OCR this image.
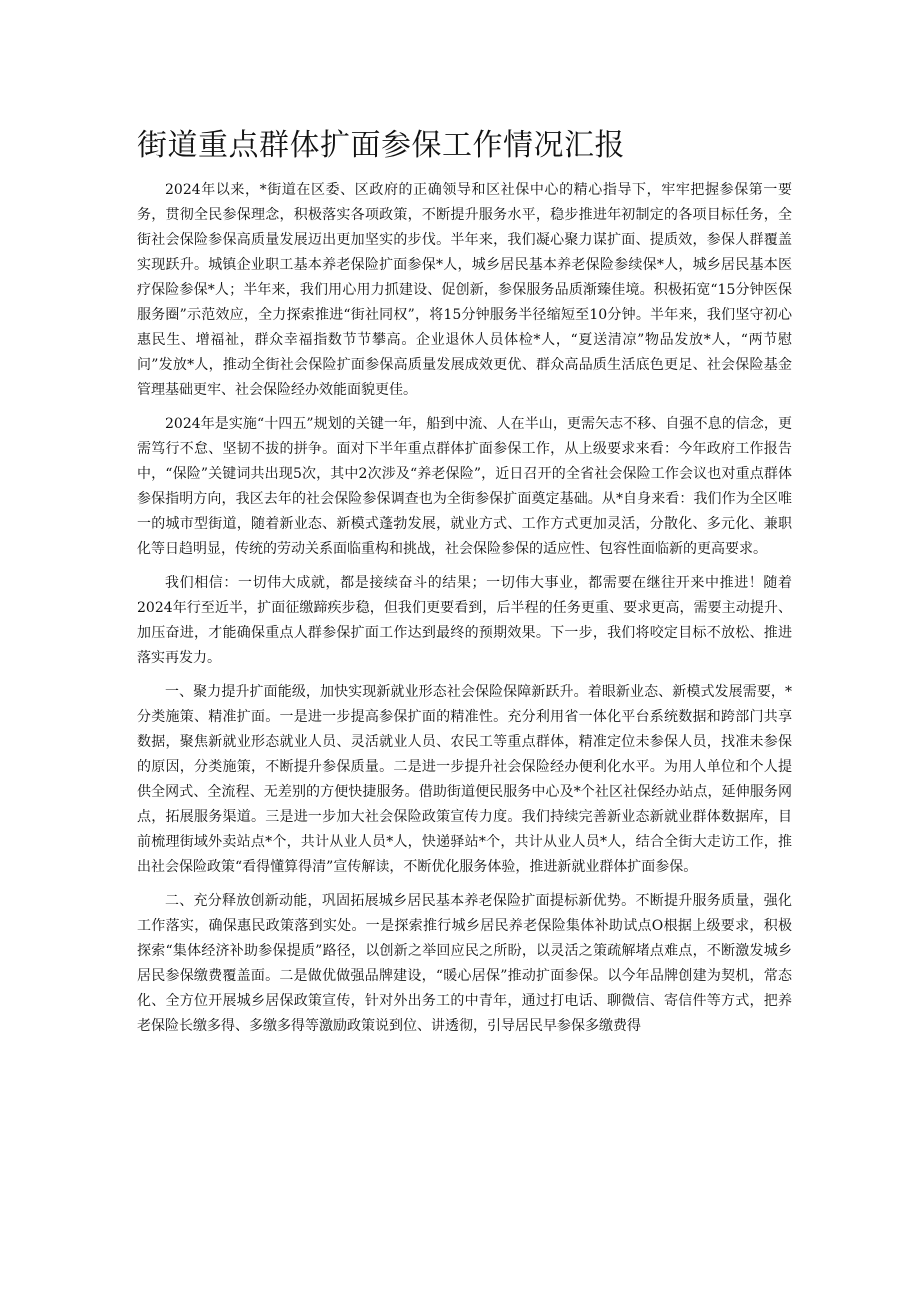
街道重点群体扩面参保工作情况汇报

2024年以来，*街道在区委、区政府的正确领导和区社保中心的精心指导下，牢牢把握参保第一要务，贯彻全民参保理念，积极落实各项政策，不断提升服务水平，稳步推进年初制定的各项目标任务，全街社会保险参保高质量发展迈出更加坚实的步伐。半年来，我们凝心聚力谋扩面、提质效，参保人群覆盖实现跃升。城镇企业职工基本养老保险扩面参保*人，城乡居民基本养老保险参续保*人，城乡居民基本医疗保险参保*人；半年来，我们用心用力抓建设、促创新，参保服务品质渐臻佳境。积极拓宽“15分钟医保服务圈”示范效应，全力探索推进“街社同权”，将15分钟服务半径缩短至10分钟。半年来，我们坚守初心惠民生、增福祉，群众幸福指数节节攀高。企业退休人员体检*人，“夏送清凉”物品发放*人，“两节慰问”发放*人，推动全街社会保险扩面参保高质量发展成效更优、群众高品质生活底色更足、社会保险基金管理基础更牢、社会保险经办效能面貌更佳。

2024年是实施“十四五”规划的关键一年，船到中流、人在半山，更需矢志不移、自强不息的信念，更需笃行不怠、坚韧不拔的拼争。面对下半年重点群体扩面参保工作，从上级要求来看：今年政府工作报告中，“保险”关键词共出现5次，其中2次涉及“养老保险”，近日召开的全省社会保险工作会议也对重点群体参保指明方向，我区去年的社会保险参保调查也为全街参保扩面奠定基础。从*自身来看：我们作为全区唯一的城市型街道，随着新业态、新模式蓬勃发展，就业方式、工作方式更加灵活，分散化、多元化、兼职化等日趋明显，传统的劳动关系面临重构和挑战，社会保险参保的适应性、包容性面临新的更高要求。

我们相信：一切伟大成就，都是接续奋斗的结果；一切伟大事业，都需要在继往开来中推进！随着2024年行至近半，扩面征缴蹄疾步稳，但我们更要看到，后半程的任务更重、要求更高，需要主动提升、加压奋进，才能确保重点人群参保扩面工作达到最终的预期效果。下一步，我们将咬定目标不放松、推进落实再发力。

一、聚力提升扩面能级，加快实现新就业形态社会保险保障新跃升。着眼新业态、新模式发展需要，*分类施策、精准扩面。一是进一步提高参保扩面的精准性。充分利用省一体化平台系统数据和跨部门共享数据，聚焦新就业形态就业人员、灵活就业人员、农民工等重点群体，精准定位未参保人员，找准未参保的原因，分类施策，不断提升参保质量。二是进一步提升社会保险经办便利化水平。为用人单位和个人提供全网式、全流程、无差别的方便快捷服务。借助街道便民服务中心及*个社区社保经办站点，延伸服务网点，拓展服务渠道。三是进一步加大社会保险政策宣传力度。我们持续完善新业态新就业群体数据库，目前梳理街域外卖站点*个，共计从业人员*人，快递驿站*个，共计从业人员*人，结合全街大走访工作，推出社会保险政策“看得懂算得清”宣传解读，不断优化服务体验，推进新就业群体扩面参保。

二、充分释放创新动能，巩固拓展城乡居民基本养老保险扩面提标新优势。不断提升服务质量，强化工作落实，确保惠民政策落到实处。一是探索推行城乡居民养老保险集体补助试点O根据上级要求，积极探索“集体经济补助参保提质”路径，以创新之举回应民之所盼，以灵活之策疏解堵点难点，不断激发城乡居民参保缴费覆盖面。二是做优做强品牌建设，“暖心居保”推动扩面参保。以今年品牌创建为契机，常态化、全方位开展城乡居保政策宣传，针对外出务工的中青年，通过打电话、聊微信、寄信件等方式，把养老保险长缴多得、多缴多得等激励政策说到位、讲透彻，引导居民早参保多缴费得
